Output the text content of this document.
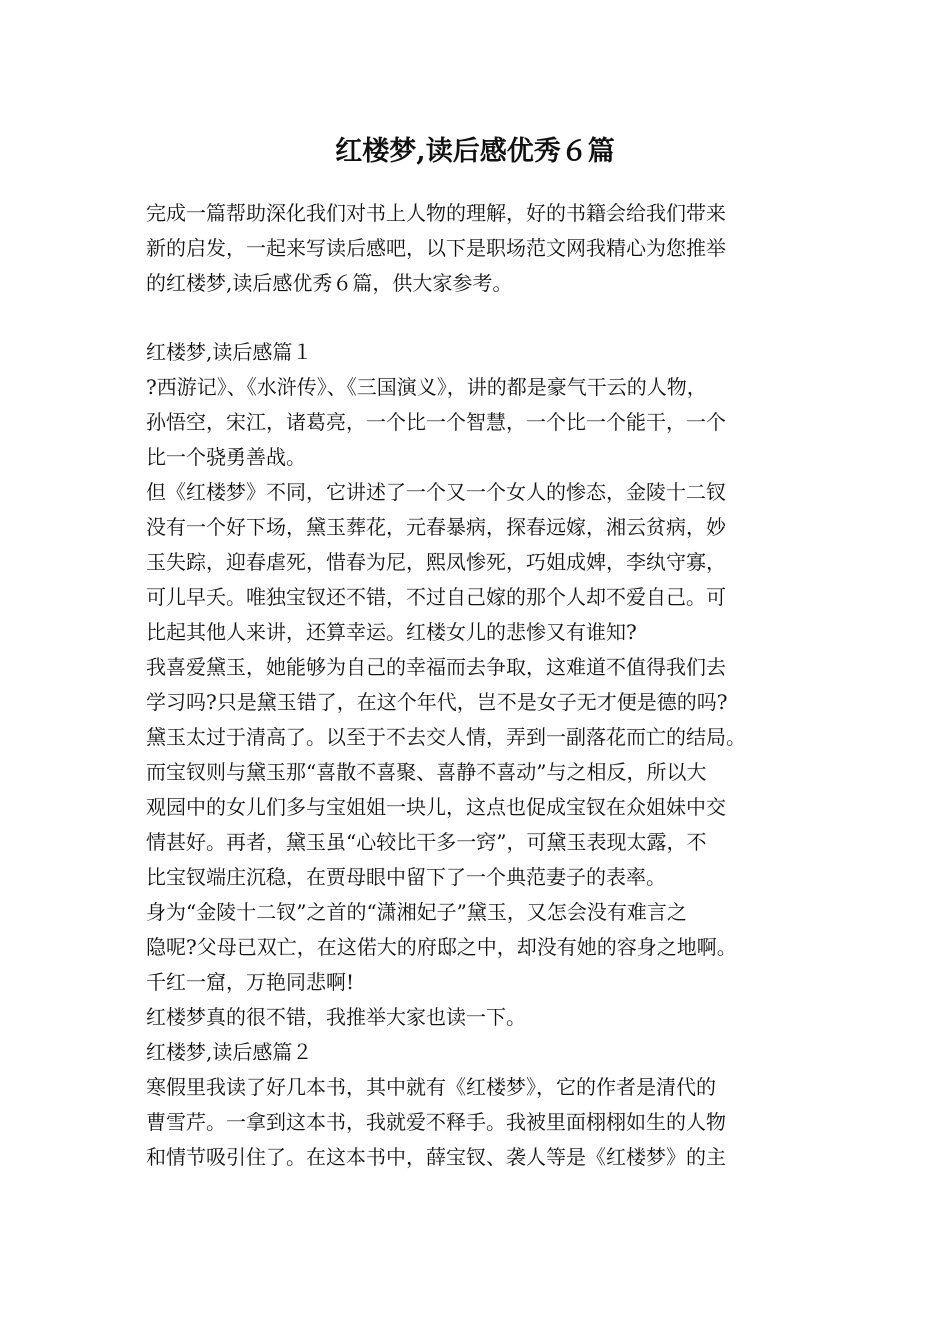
红楼梦,读后感优秀６篇
完成一篇帮助深化我们对书上人物的理解，好的书籍会给我们带来
新的启发，一起来写读后感吧，以下是职场范文网我精心为您推举
的红楼梦,读后感优秀６篇，供大家参考。
红楼梦,读后感篇１
?西游记》、《水浒传》、《三国演义》，讲的都是豪气干云的人物，
孙悟空，宋江，诸葛亮，一个比一个智慧，一个比一个能干，一个
比一个骁勇善战。
但《红楼梦》不同，它讲述了一个又一个女人的惨态，金陵十二钗
没有一个好下场，黛玉葬花，元春暴病，探春远嫁，湘云贫病，妙
玉失踪，迎春虐死，惜春为尼，熙凤惨死，巧姐成婢，李纨守寡，
可儿早夭。唯独宝钗还不错，不过自己嫁的那个人却不爱自己。可
比起其他人来讲，还算幸运。红楼女儿的悲惨又有谁知?
我喜爱黛玉，她能够为自己的幸福而去争取，这难道不值得我们去
学习吗?只是黛玉错了，在这个年代，岂不是女子无才便是德的吗?
黛玉太过于清高了。以至于不去交人情，弄到一副落花而亡的结局。
而宝钗则与黛玉那“喜散不喜聚、喜静不喜动”与之相反，所以大
观园中的女儿们多与宝姐姐一块儿，这点也促成宝钗在众姐妹中交
情甚好。再者，黛玉虽“心较比干多一窍”，可黛玉表现太露，不
比宝钗端庄沉稳，在贾母眼中留下了一个典范妻子的表率。
身为“金陵十二钗”之首的“潇湘妃子”黛玉，又怎会没有难言之
隐呢?父母已双亡，在这偌大的府邸之中，却没有她的容身之地啊。
千红一窟，万艳同悲啊!
红楼梦真的很不错，我推举大家也读一下。
红楼梦,读后感篇２
寒假里我读了好几本书，其中就有《红楼梦》，它的作者是清代的
曹雪芹。一拿到这本书，我就爱不释手。我被里面栩栩如生的人物
和情节吸引住了。在这本书中，薛宝钗、袭人等是《红楼梦》的主
